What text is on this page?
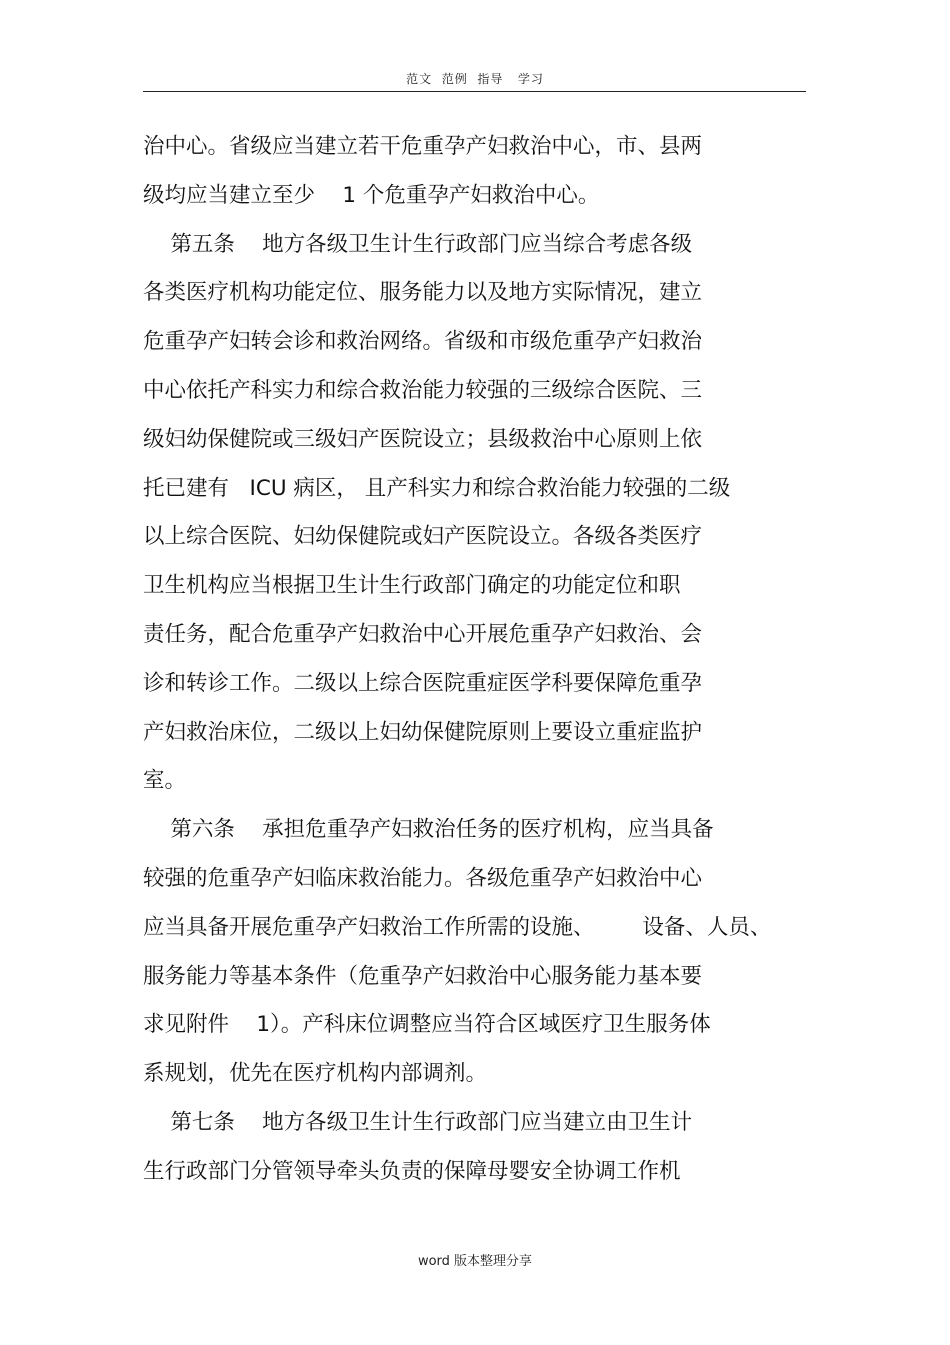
范文  范例  指导   学习
治中心。省级应当建立若干危重孕产妇救治中心，市、县两
级均应当建立至少    1 个危重孕产妇救治中心。
第五条    地方各级卫生计生行政部门应当综合考虑各级
各类医疗机构功能定位、服务能力以及地方实际情况，建立
危重孕产妇转会诊和救治网络。省级和市级危重孕产妇救治
中心依托产科实力和综合救治能力较强的三级综合医院、三
级妇幼保健院或三级妇产医院设立；县级救治中心原则上依
托已建有   ICU 病区， 且产科实力和综合救治能力较强的二级
以上综合医院、妇幼保健院或妇产医院设立。各级各类医疗
卫生机构应当根据卫生计生行政部门确定的功能定位和职
责任务，配合危重孕产妇救治中心开展危重孕产妇救治、会
诊和转诊工作。二级以上综合医院重症医学科要保障危重孕
产妇救治床位，二级以上妇幼保健院原则上要设立重症监护
室。
第六条    承担危重孕产妇救治任务的医疗机构，应当具备
较强的危重孕产妇临床救治能力。各级危重孕产妇救治中心
应当具备开展危重孕产妇救治工作所需的设施、       设备、人员、
服务能力等基本条件（危重孕产妇救治中心服务能力基本要
求见附件    1）。产科床位调整应当符合区域医疗卫生服务体
系规划，优先在医疗机构内部调剂。
第七条    地方各级卫生计生行政部门应当建立由卫生计
生行政部门分管领导牵头负责的保障母婴安全协调工作机
word 版本整理分享
